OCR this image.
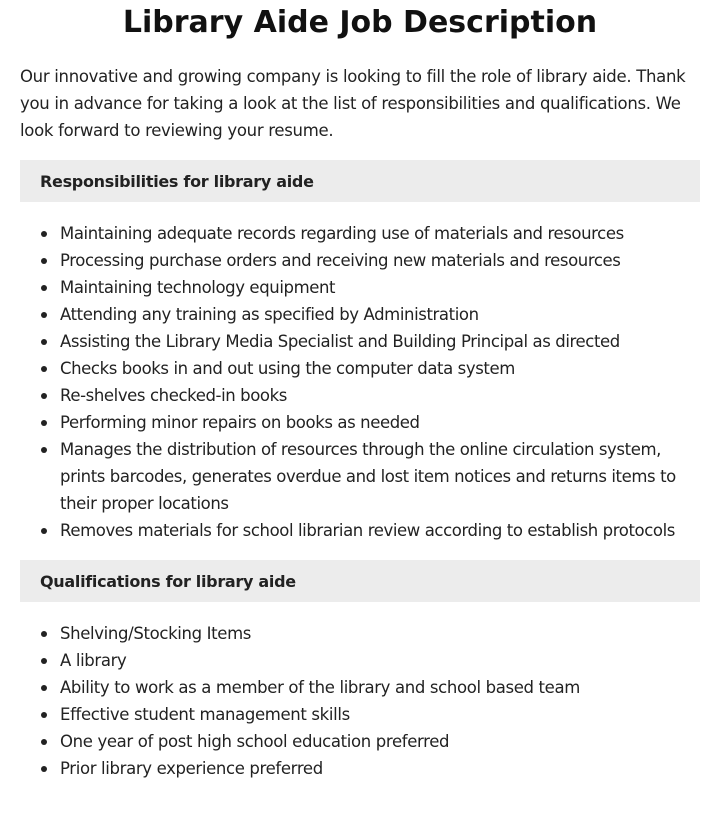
Library Aide Job Description

Our innovative and growing company is looking to fill the role of library aide. Thank you in advance for taking a look at the list of responsibilities and qualifications. We look forward to reviewing your resume.

Responsibilities for library aide
Maintaining adequate records regarding use of materials and resources
Processing purchase orders and receiving new materials and resources
Maintaining technology equipment
Attending any training as specified by Administration
Assisting the Library Media Specialist and Building Principal as directed
Checks books in and out using the computer data system
Re-shelves checked-in books
Performing minor repairs on books as needed
Manages the distribution of resources through the online circulation system, prints barcodes, generates overdue and lost item notices and returns items to their proper locations
Removes materials for school librarian review according to establish protocols
Qualifications for library aide
Shelving/Stocking Items
A library
Ability to work as a member of the library and school based team
Effective student management skills
One year of post high school education preferred
Prior library experience preferred
